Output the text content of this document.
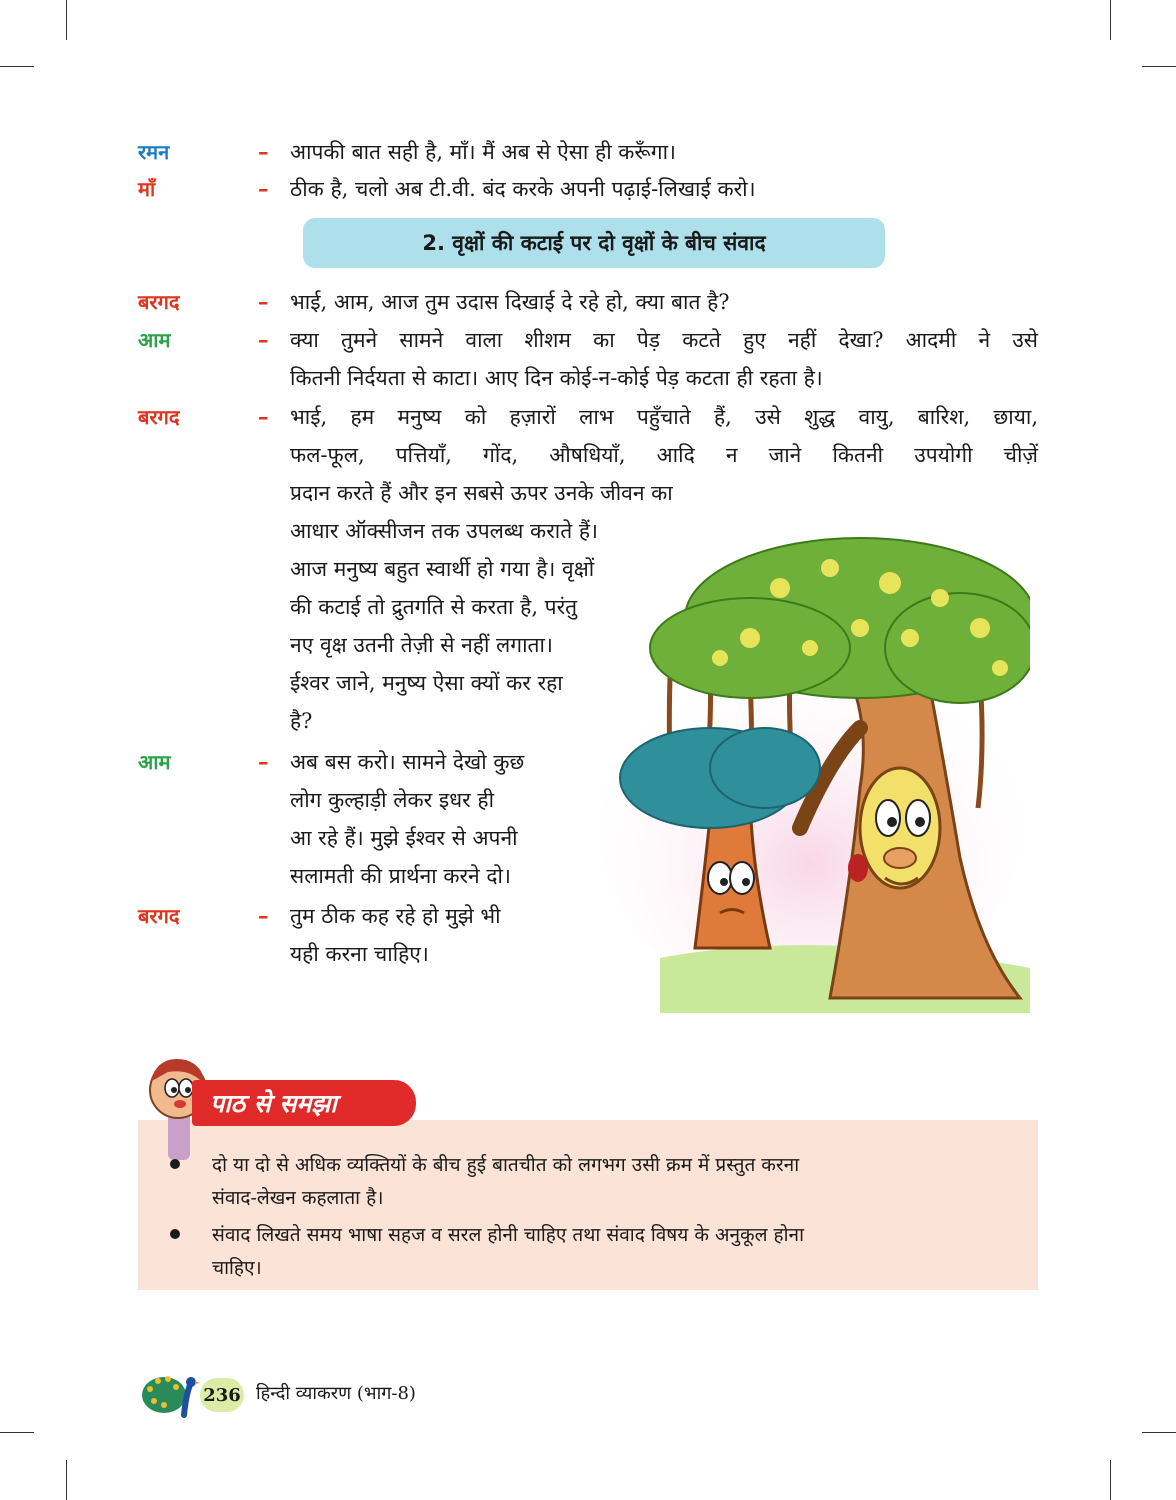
रमन	– आपकी बात सही है, माँ। मैं अब से ऐसा ही करूँगा।
माँ	– ठीक है, चलो अब टी.वी. बंद करके अपनी पढ़ाई-लिखाई करो।
2. वृक्षों की कटाई पर दो वृक्षों के बीच संवाद
बरगद	– भाई, आम, आज तुम उदास दिखाई दे रहे हो, क्या बात है?
आम	– क्या तुमने सामने वाला शीशम का पेड़ कटते हुए नहीं देखा? आदमी ने उसे
कितनी निर्दयता से काटा। आए दिन कोई-न-कोई पेड़ कटता ही रहता है।
बरगद	– भाई, हम मनुष्य को हज़ारों लाभ पहुँचाते हैं, उसे शुद्ध वायु, बारिश, छाया,
फल-फूल, पत्तियाँ, गोंद, औषधियाँ, आदि न जाने कितनी उपयोगी चीज़ें
प्रदान करते हैं और इन सबसे ऊपर उनके जीवन का
आधार ऑक्सीजन तक उपलब्ध कराते हैं।
आज मनुष्य बहुत स्वार्थी हो गया है। वृक्षों
की कटाई तो द्रुतगति से करता है, परंतु
नए वृक्ष उतनी तेज़ी से नहीं लगाता।
ईश्वर जाने, मनुष्य ऐसा क्यों कर रहा
है?
आम	– अब बस करो। सामने देखो कुछ
लोग कुल्हाड़ी लेकर इधर ही
आ रहे हैं। मुझे ईश्वर से अपनी
सलामती की प्रार्थना करने दो।
बरगद	– तुम ठीक कह रहे हो मुझे भी
यही करना चाहिए।
पाठ से समझा
दो या दो से अधिक व्यक्तियों के बीच हुई बातचीत को लगभग उसी क्रम में प्रस्तुत करना
संवाद-लेखन कहलाता है।
संवाद लिखते समय भाषा सहज व सरल होनी चाहिए तथा संवाद विषय के अनुकूल होना
चाहिए।
236 हिन्दी व्याकरण (भाग-8)
